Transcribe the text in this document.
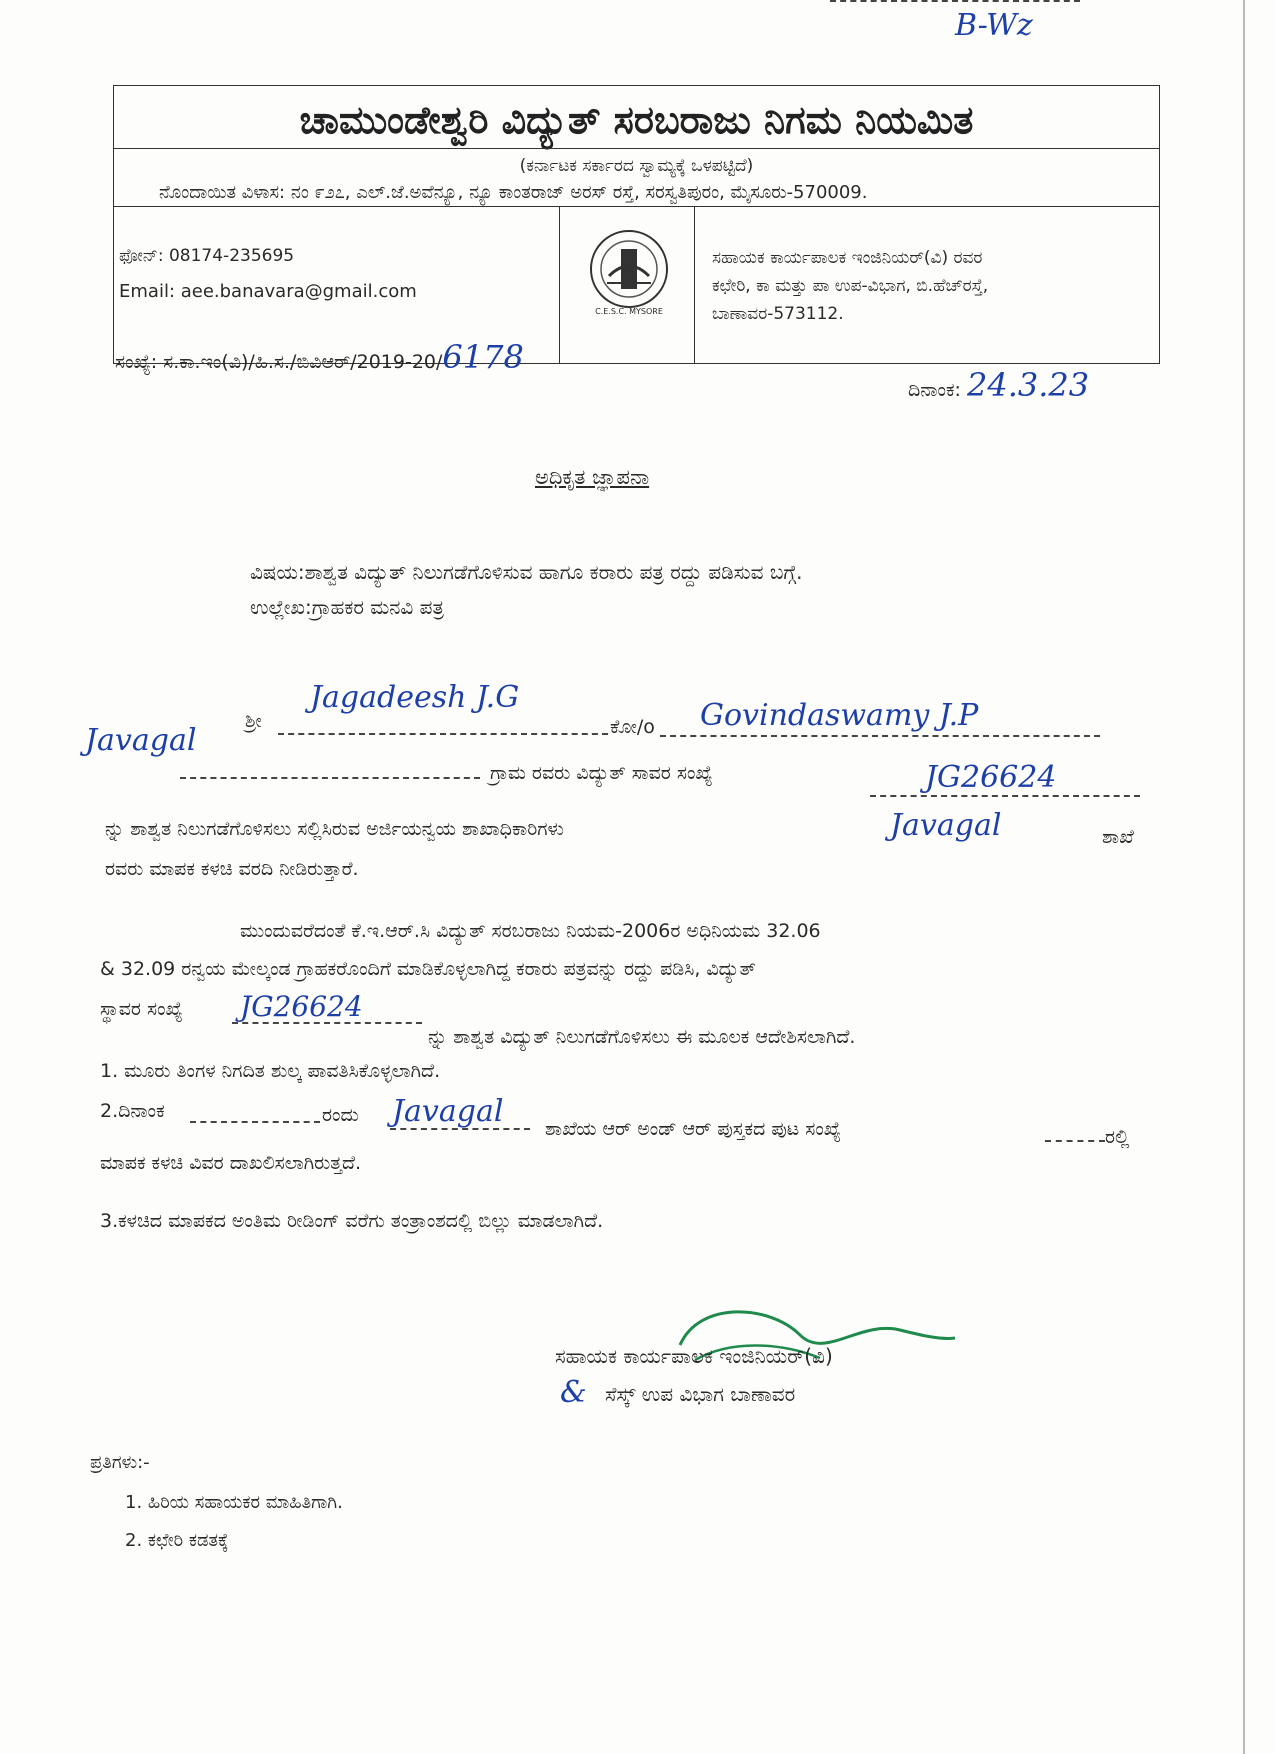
B-Wz
ಚಾಮುಂಡೇಶ್ವರಿ ವಿದ್ಯುತ್ ಸರಬರಾಜು ನಿಗಮ ನಿಯಮಿತ
(ಕರ್ನಾಟಕ ಸರ್ಕಾರದ ಸ್ವಾಮ್ಯಕ್ಕೆ ಒಳಪಟ್ಟಿದೆ)
ನೊಂದಾಯಿತ ವಿಳಾಸ: ನಂ ೯೨೭, ಎಲ್.ಜೆ.ಅವೆನ್ಯೂ, ನ್ಯೂ ಕಾಂತರಾಜ್ ಅರಸ್ ರಸ್ತೆ, ಸರಸ್ವತಿಪುರಂ, ಮೈಸೂರು-570009.
ಫೋನ್: 08174-235695
Email: aee.banavara@gmail.com
C.E.S.C. MYSORE
ಸಹಾಯಕ ಕಾರ್ಯಪಾಲಕ ಇಂಜಿನಿಯರ್(ವಿ) ರವರ
ಕಛೇರಿ, ಕಾ ಮತ್ತು ಪಾ ಉಪ-ವಿಭಾಗ, ಬಿ.ಹೆಚ್‌ರಸ್ತೆ,
ಬಾಣಾವರ-573112.
ಸಂಖ್ಯೆ: ಸ.ಕಾ.ಇಂ(ವಿ)/ಹಿ.ಸ./ಬಿವಿಆರ್/2019-20/6178
ದಿನಾಂಕ: 24.3.23
ಅಧಿಕೃತ ಜ್ಞಾಪನಾ
ವಿಷಯ:ಶಾಶ್ವತ ವಿದ್ಯುತ್ ನಿಲುಗಡೆಗೊಳಿಸುವ ಹಾಗೂ ಕರಾರು ಪತ್ರ ರದ್ದು ಪಡಿಸುವ ಬಗ್ಗೆ.
ಉಲ್ಲೇಖ:ಗ್ರಾಹಕರ ಮನವಿ ಪತ್ರ
ಶ್ರೀ
Jagadeesh J.G
ಕೋ/o Govindaswamy J.P
Javagal
ಗ್ರಾಮ ರವರು ವಿದ್ಯುತ್ ಸಾವರ ಸಂಖ್ಯೆ	JG26624
ನ್ನು ಶಾಶ್ವತ ನಿಲುಗಡೆಗೊಳಿಸಲು ಸಲ್ಲಿಸಿರುವ ಅರ್ಜಿಯನ್ವಯ ಶಾಖಾಧಿಕಾರಿಗಳು	Javagal	ಶಾಖೆ
ರವರು ಮಾಪಕ ಕಳಚಿ ವರದಿ ನೀಡಿರುತ್ತಾರೆ.
ಮುಂದುವರೆದಂತೆ ಕೆ.ಇ.ಆರ್.ಸಿ ವಿದ್ಯುತ್ ಸರಬರಾಜು ನಿಯಮ-2006ರ ಅಧಿನಿಯಮ 32.06
& 32.09 ರನ್ವಯ ಮೇಲ್ಕಂಡ ಗ್ರಾಹಕರೊಂದಿಗೆ ಮಾಡಿಕೊಳ್ಳಲಾಗಿದ್ದ ಕರಾರು ಪತ್ರವನ್ನು ರದ್ದು ಪಡಿಸಿ, ವಿದ್ಯುತ್
ಸ್ಥಾವರ ಸಂಖ್ಯೆ JG26624
ನ್ನು ಶಾಶ್ವತ ವಿದ್ಯುತ್ ನಿಲುಗಡೆಗೊಳಿಸಲು ಈ ಮೂಲಕ ಆದೇಶಿಸಲಾಗಿದೆ.
1. ಮೂರು ತಿಂಗಳ ನಿಗದಿತ ಶುಲ್ಕ ಪಾವತಿಸಿಕೊಳ್ಳಲಾಗಿದೆ.
2.ದಿನಾಂಕ	ರಂದು Javagal ಶಾಖೆಯ ಆರ್ ಅಂಡ್ ಆರ್ ಪುಸ್ತಕದ ಪುಟ ಸಂಖ್ಯೆ	ರಲ್ಲಿ
ಮಾಪಕ ಕಳಚಿ ವಿವರ ದಾಖಲಿಸಲಾಗಿರುತ್ತದೆ.
3.ಕಳಚಿದ ಮಾಪಕದ ಅಂತಿಮ ರೀಡಿಂಗ್ ವರೆಗು ತಂತ್ರಾಂಶದಲ್ಲಿ ಬಿಲ್ಲು ಮಾಡಲಾಗಿದೆ.
ಸಹಾಯಕ ಕಾರ್ಯಪಾಲಕ ಇಂಜಿನಿಯರ್(ವಿ)
& ಸೆಸ್ಕ್ ಉಪ ವಿಭಾಗ ಬಾಣಾವರ
ಪ್ರತಿಗಳು:-
1. ಹಿರಿಯ ಸಹಾಯಕರ ಮಾಹಿತಿಗಾಗಿ.
2. ಕಛೇರಿ ಕಡತಕ್ಕೆ
